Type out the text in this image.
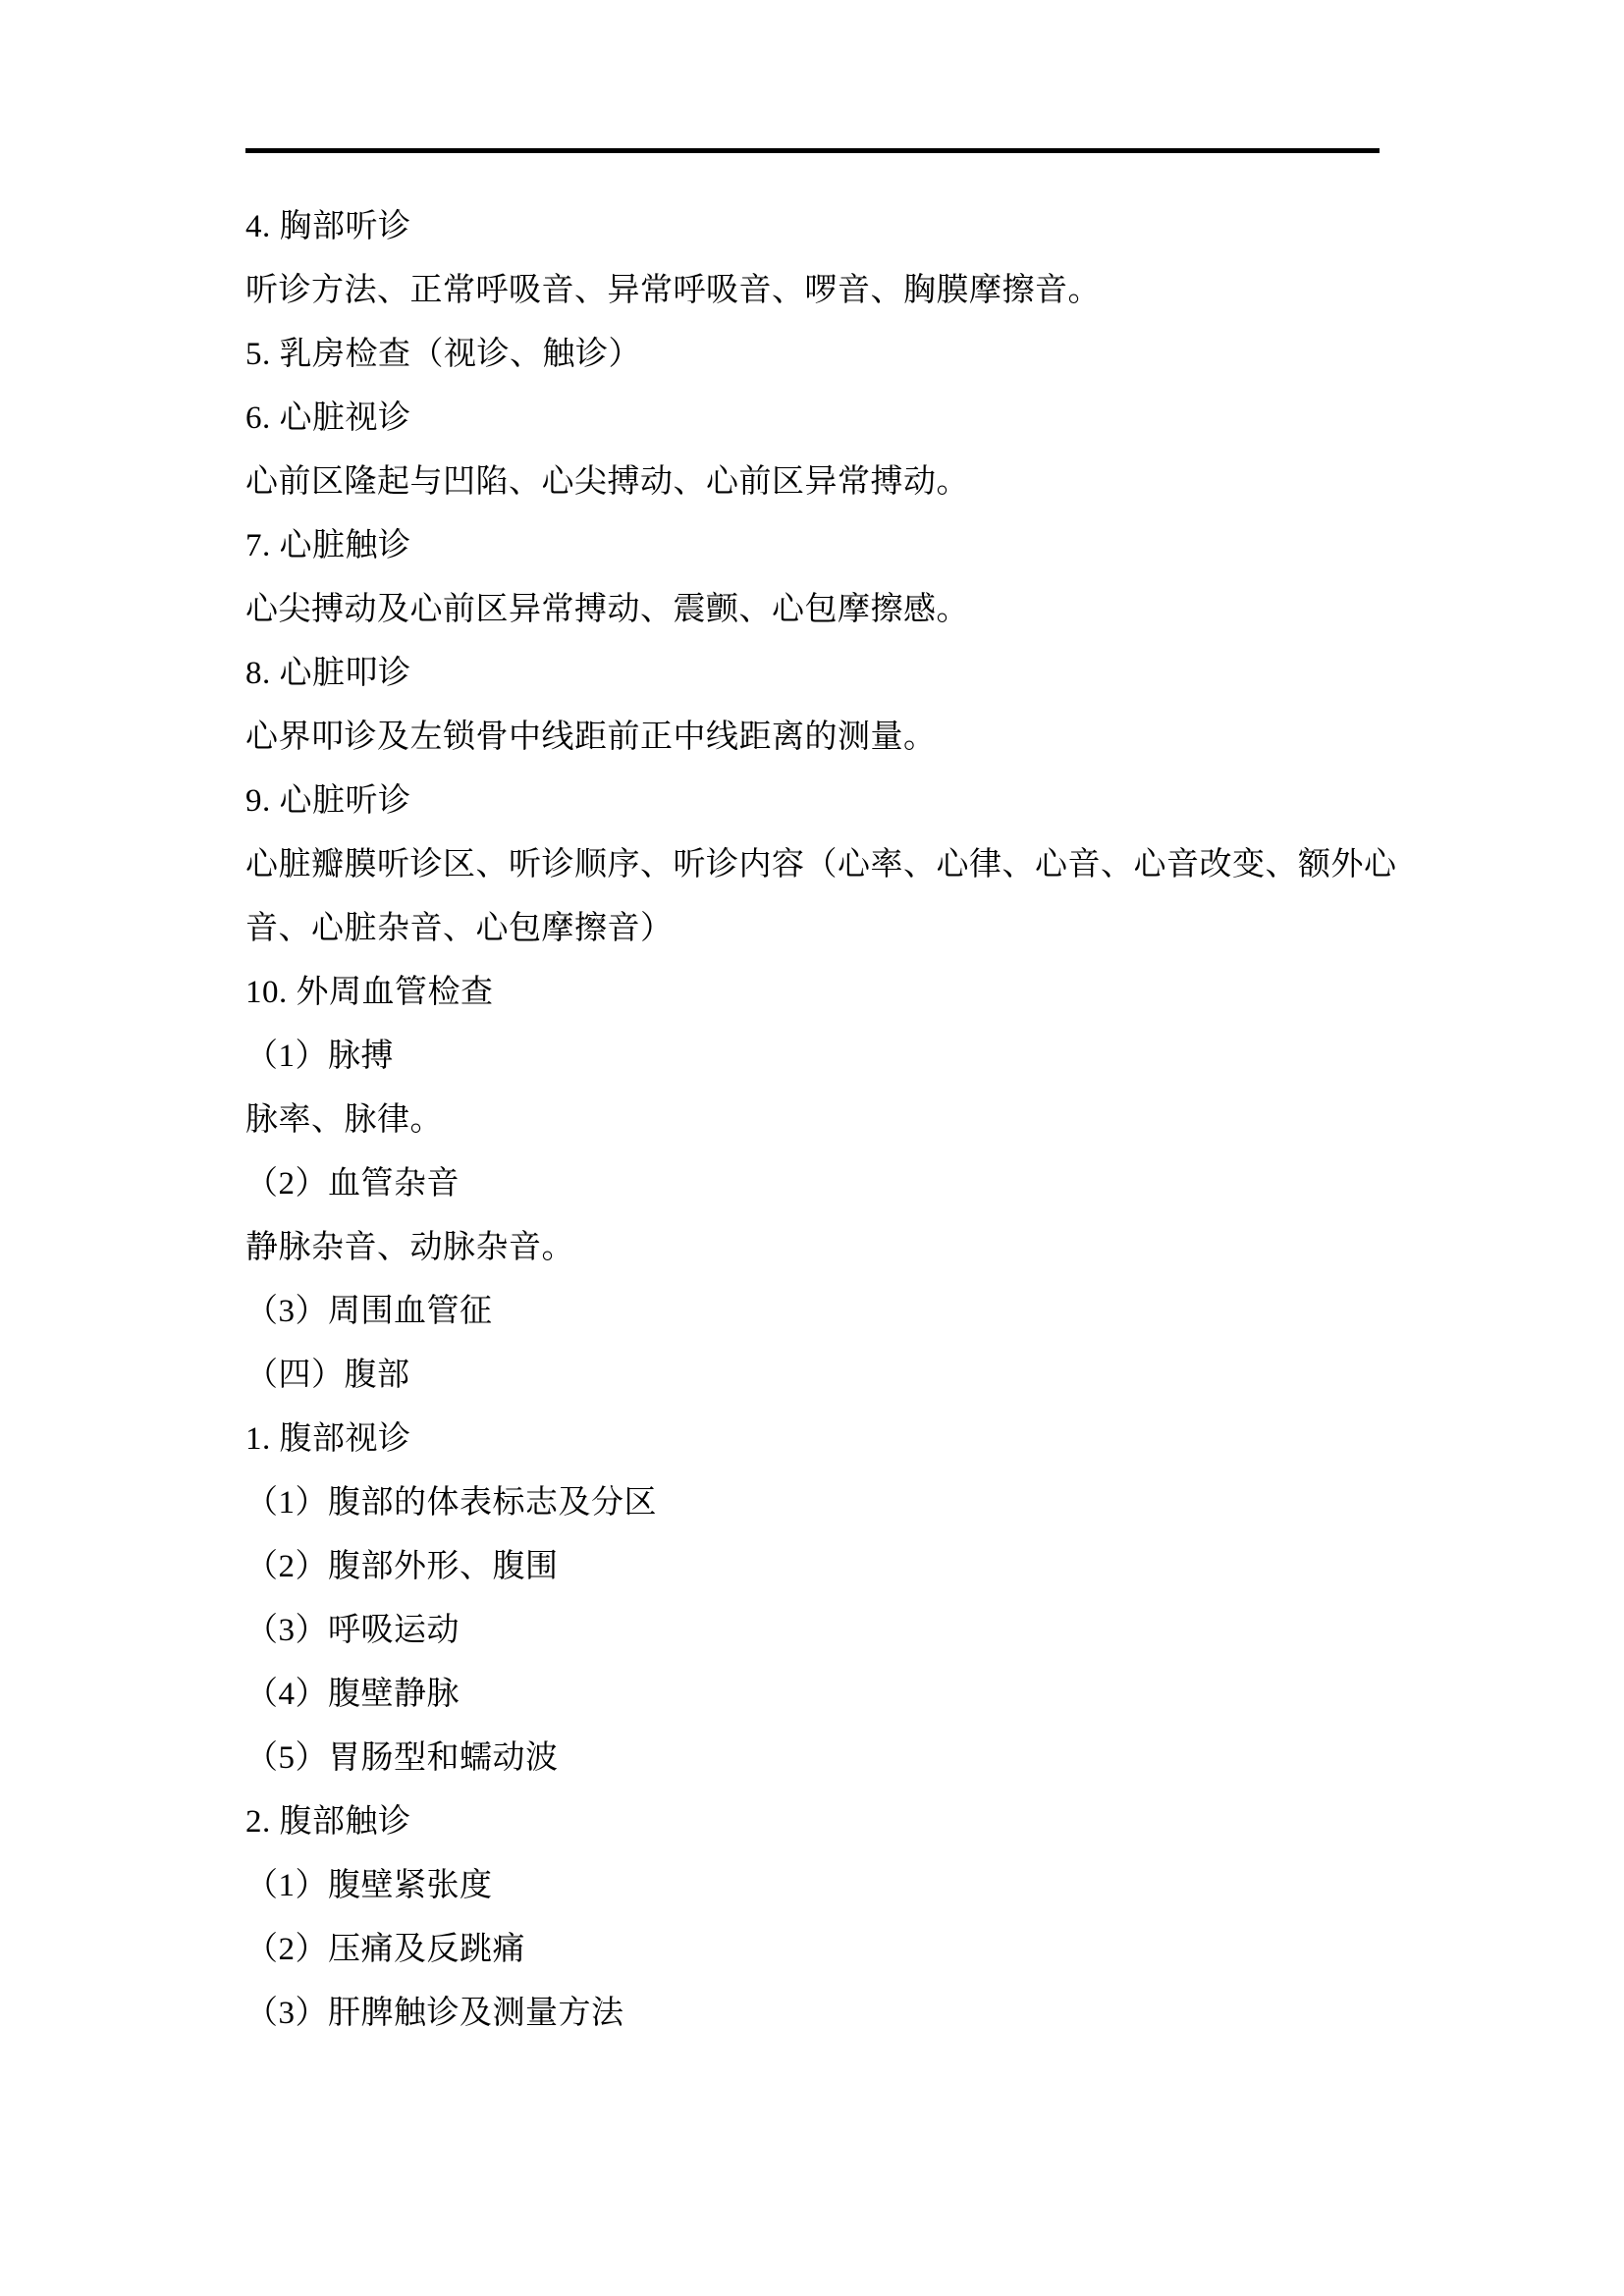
4. 胸部听诊
听诊方法、正常呼吸音、异常呼吸音、啰音、胸膜摩擦音。
5. 乳房检查（视诊、触诊）
6. 心脏视诊
心前区隆起与凹陷、心尖搏动、心前区异常搏动。
7. 心脏触诊
心尖搏动及心前区异常搏动、震颤、心包摩擦感。
8. 心脏叩诊
心界叩诊及左锁骨中线距前正中线距离的测量。
9. 心脏听诊
心脏瓣膜听诊区、听诊顺序、听诊内容（心率、心律、心音、心音改变、额外心
音、心脏杂音、心包摩擦音）
10. 外周血管检查
（1）脉搏
脉率、脉律。
（2）血管杂音
静脉杂音、动脉杂音。
（3）周围血管征
（四）腹部
1. 腹部视诊
（1）腹部的体表标志及分区
（2）腹部外形、腹围
（3）呼吸运动
（4）腹壁静脉
（5）胃肠型和蠕动波
2. 腹部触诊
（1）腹壁紧张度
（2）压痛及反跳痛
（3）肝脾触诊及测量方法
